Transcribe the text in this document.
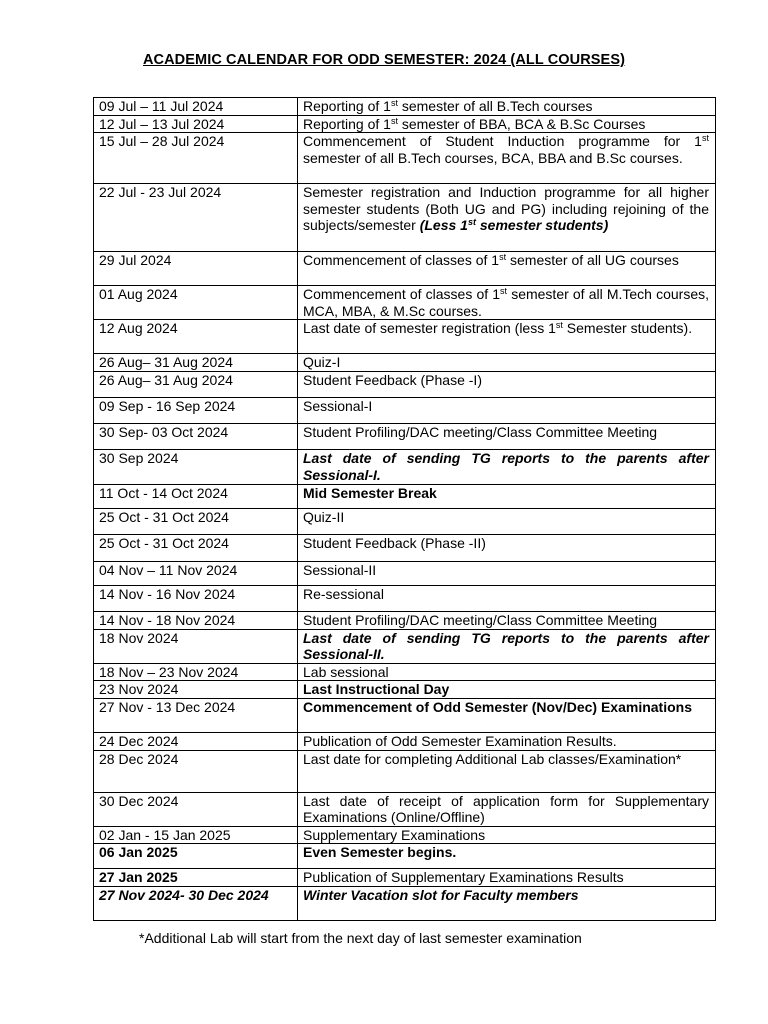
ACADEMIC CALENDAR FOR ODD SEMESTER: 2024 (ALL COURSES)
09 Jul – 11 Jul 2024	Reporting of 1st semester of all B.Tech courses
12 Jul – 13 Jul 2024	Reporting of 1st semester of BBA, BCA & B.Sc Courses
15 Jul – 28 Jul 2024	Commencement of Student Induction programme for 1st semester of all B.Tech courses, BCA, BBA and B.Sc courses.
22 Jul - 23 Jul 2024	Semester registration and Induction programme for all higher semester students (Both UG and PG) including rejoining of the subjects/semester (Less 1st semester students)
29 Jul 2024	Commencement of classes of 1st semester of all UG courses
01 Aug 2024	Commencement of classes of 1st semester of all M.Tech courses, MCA, MBA, & M.Sc courses.
12 Aug 2024	Last date of semester registration (less 1st Semester students).
26 Aug– 31 Aug 2024	Quiz-I
26 Aug– 31 Aug 2024	Student Feedback (Phase -I)
09 Sep - 16 Sep 2024	Sessional-I
30 Sep- 03 Oct 2024	Student Profiling/DAC meeting/Class Committee Meeting
30 Sep 2024	Last date of sending TG reports to the parents after Sessional-I.
11 Oct - 14 Oct 2024	Mid Semester Break
25 Oct - 31 Oct 2024	Quiz-II
25 Oct - 31 Oct 2024	Student Feedback (Phase -II)
04 Nov – 11 Nov 2024	Sessional-II
14 Nov - 16 Nov 2024	Re-sessional
14 Nov - 18 Nov 2024	Student Profiling/DAC meeting/Class Committee Meeting
18 Nov 2024	Last date of sending TG reports to the parents after Sessional-II.
18 Nov – 23 Nov 2024	Lab sessional
23 Nov 2024	Last Instructional Day
27 Nov - 13 Dec 2024	Commencement of Odd Semester (Nov/Dec) Examinations
24 Dec 2024	Publication of Odd Semester Examination Results.
28 Dec 2024	Last date for completing Additional Lab classes/Examination*
30 Dec 2024	Last date of receipt of application form for Supplementary Examinations (Online/Offline)
02 Jan - 15 Jan 2025	Supplementary Examinations
06 Jan 2025	Even Semester begins.
27 Jan 2025	Publication of Supplementary Examinations Results
27 Nov 2024- 30 Dec 2024	Winter Vacation slot for Faculty members
*Additional Lab will start from the next day of last semester examination
